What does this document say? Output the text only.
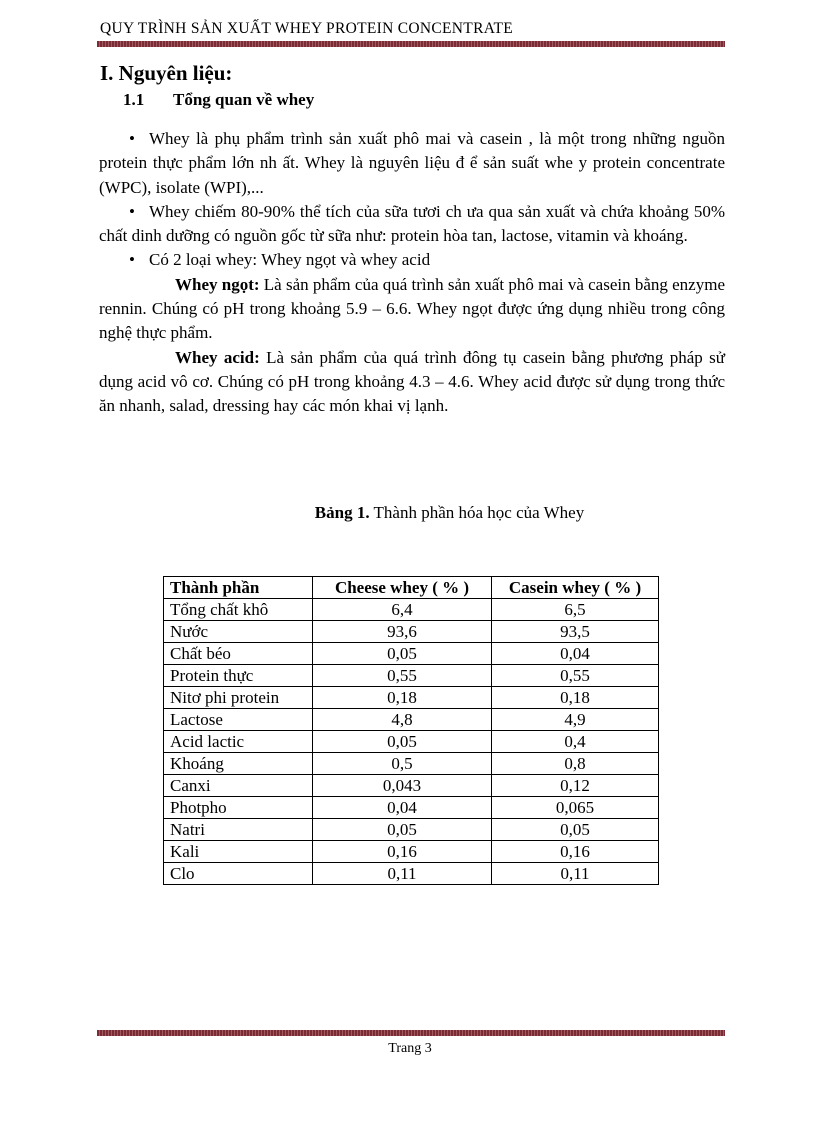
QUY TRÌNH SẢN XUẤT WHEY PROTEIN CONCENTRATE
I. Nguyên liệu:
1.1 Tổng quan về whey

• Whey là phụ phẩm trình sản xuất phô mai và casein , là một trong những nguồn protein thực phẩm lớn nh ất. Whey là nguyên liệu đ ể sản suất whe y protein concentrate (WPC), isolate (WPI),...

• Whey chiếm 80-90% thể tích của sữa tươi ch ưa qua sản xuất và chứa khoảng 50% chất dinh dưỡng có nguồn gốc từ sữa như: protein hòa tan, lactose, vitamin và khoáng.

• Có 2 loại whey: Whey ngọt và whey acid

Whey ngọt: Là sản phẩm của quá trình sản xuất phô mai và casein bằng enzyme rennin. Chúng có pH trong khoảng 5.9 – 6.6. Whey ngọt được ứng dụng nhiều trong công nghệ thực phẩm.

Whey acid: Là sản phẩm của quá trình đông tụ casein bằng phương pháp sử dụng acid vô cơ. Chúng có pH trong khoảng 4.3 – 4.6. Whey acid được sử dụng trong thức ăn nhanh, salad, dressing hay các món khai vị lạnh.

Bảng 1. Thành phần hóa học của Whey
Thành phần	Cheese whey ( % )	Casein whey ( % )
Tổng chất khô	6,4	6,5
Nước	93,6	93,5
Chất béo	0,05	0,04
Protein thực	0,55	0,55
Nitơ phi protein	0,18	0,18
Lactose	4,8	4,9
Acid lactic	0,05	0,4
Khoáng	0,5	0,8
Canxi	0,043	0,12
Photpho	0,04	0,065
Natri	0,05	0,05
Kali	0,16	0,16
Clo	0,11	0,11
Trang 3
